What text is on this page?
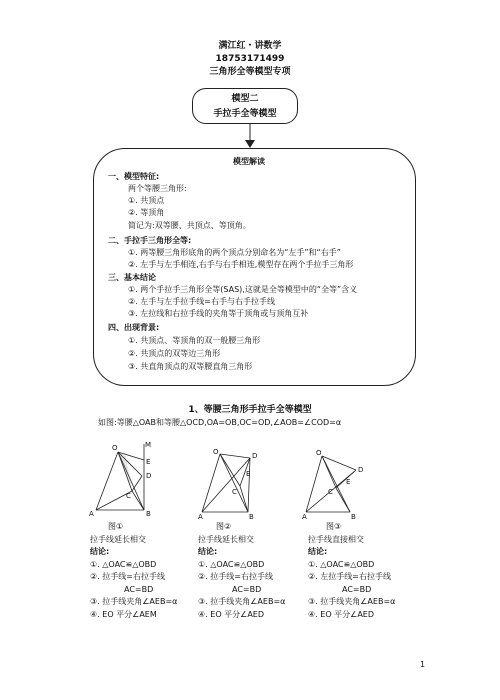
满江红・讲数学
18753171499
三角形全等模型专项
模型二
手拉手全等模型
模型解读
一、模型特征:
两个等腰三角形:
①. 共顶点
②. 等顶角
简记为:双等腰、共顶点、等顶角。
二、手拉手三角形全等:
①. 两等腰三角形底角的两个顶点分别命名为“左手”和“右手”
②. 左手与左手相连,右手与右手相连,模型存在两个手拉手三角形
三、基本结论
①. 两个手拉手三角形全等(SAS),这就是全等模型中的“全等”含义
②. 左手与左手拉手线=右手与右手拉手线
③. 左拉线和右拉手线的夹角等于顶角或与顶角互补
四、出现背景:
①. 共顶点、等顶角的双一般腰三角形
②. 共顶点的双等边三角形
③. 共直角顶点的双等腰直角三角形
1、等腰三角形手拉手全等模型
如图:等腰△OAB和等腰△OCD,OA=OB,OC=OD,∠AOB=∠COD=α
O	M
E
D
C
A	B
O	D
E
C
A	B
O
D
E
C
A	B
图①
拉手线延长相交
结论:
①. △OAC≌△OBD
②. 拉手线=右拉手线
AC=BD
③. 拉手线夹角∠AEB=α
④. EO 平分∠AEM
图②
拉手线延长相交
结论:
①. △OAC≌△OBD
②. 拉手线=右拉手线
AC=BD
③. 拉手线夹角∠AEB=α
④. EO 平分∠AED
图③
拉手线直接相交
结论:
①. △OAC≌△OBD
②. 左拉手线=右拉手线
AC=BD
③. 拉手线夹角∠AEB=α
④. EO 平分∠AED
1
